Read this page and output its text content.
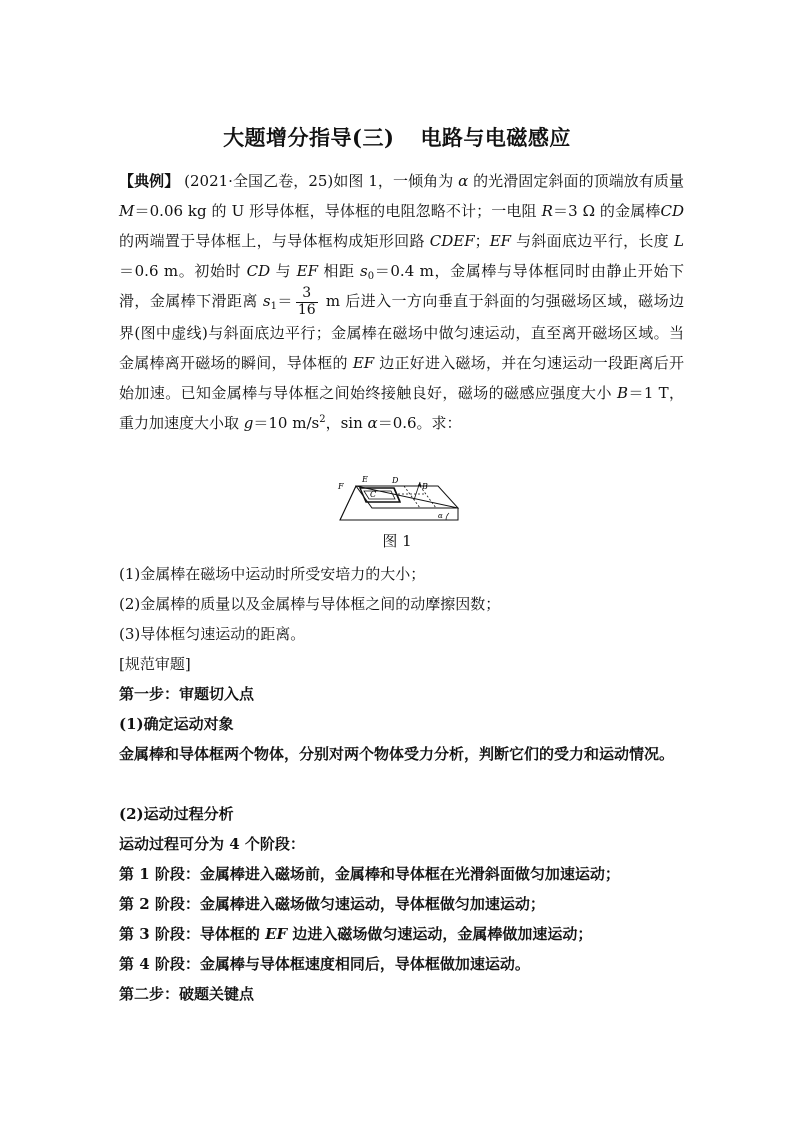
大题增分指导(三) 电路与电磁感应

【典例】 (2021·全国乙卷，25)如图 1，一倾角为 α 的光滑固定斜面的顶端放有质量 M＝0.06 kg 的 U 形导体框，导体框的电阻忽略不计；一电阻 R＝3 Ω 的金属棒CD 的两端置于导体框上，与导体框构成矩形回路 CDEF；EF 与斜面底边平行，长度 L＝0.6 m。初始时 CD 与 EF 相距 $s_0=0.4$ m，金属棒与导体框同时由静止开始下滑，金属棒下滑距离 $s_1= \frac{3}{16}$ m 后进入一方向垂直于斜面的匀强磁场区域，磁场边界(图中虚线)与斜面底边平行；金属棒在磁场中做匀速运动，直至离开磁场区域。当金属棒离开磁场的瞬间，导体框的 EF 边正好进入磁场，并在匀速运动一段距离后开始加速。已知金属棒与导体框之间始终接触良好，磁场的磁感应强度大小 B＝1 T，重力加速度大小取 g＝10 $m/s^2$，sin α＝0.6。求：

E	D
F
C
B
α
图 1
(1)金属棒在磁场中运动时所受安培力的大小；
(2)金属棒的质量以及金属棒与导体框之间的动摩擦因数；
(3)导体框匀速运动的距离。
[规范审题]
第一步：审题切入点
(1)确定运动对象
金属棒和导体框两个物体，分别对两个物体受力分析，判断它们的受力和运动情况。
(2)运动过程分析
运动过程可分为 4 个阶段：
第 1 阶段：金属棒进入磁场前，金属棒和导体框在光滑斜面做匀加速运动；
第 2 阶段：金属棒进入磁场做匀速运动，导体框做匀加速运动；
第 3 阶段：导体框的 EF 边进入磁场做匀速运动，金属棒做加速运动；
第 4 阶段：金属棒与导体框速度相同后，导体框做加速运动。
第二步：破题关键点
